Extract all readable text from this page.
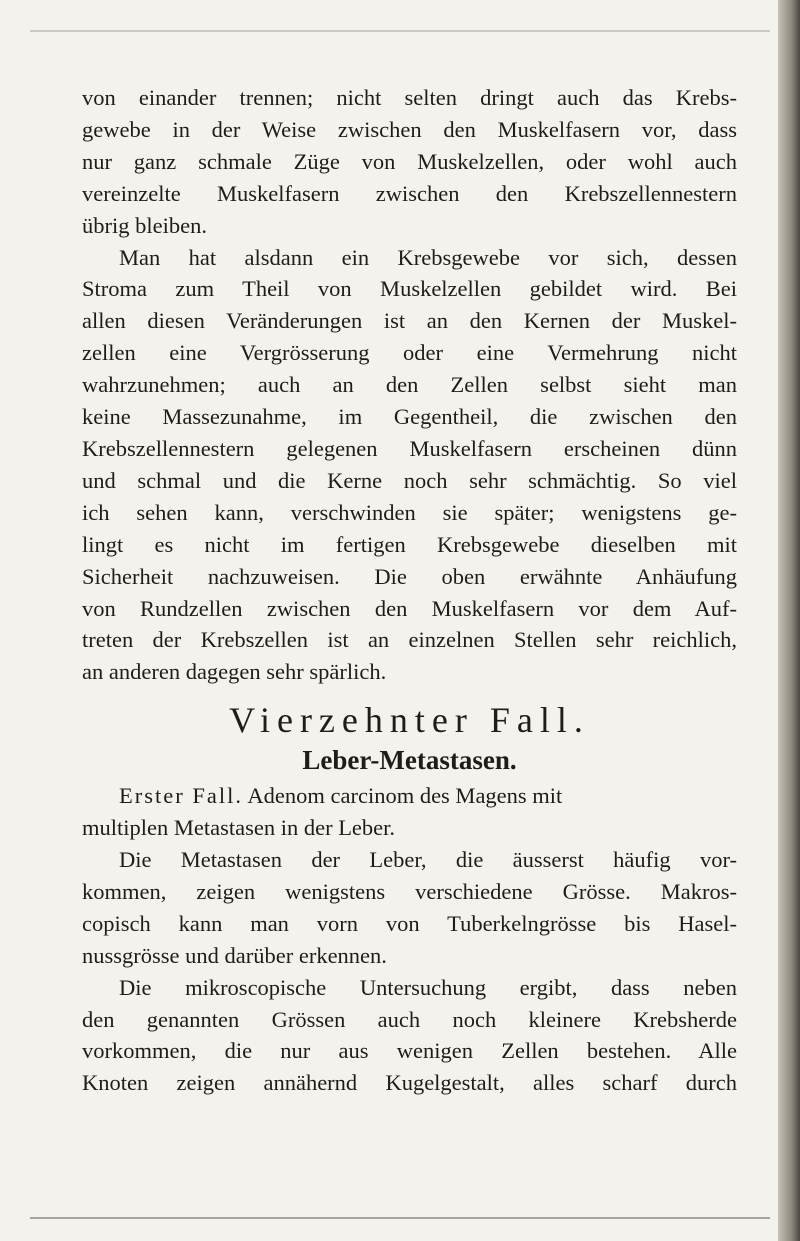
von einander trennen; nicht selten dringt auch das Krebs-
gewebe in der Weise zwischen den Muskelfasern vor, dass
nur ganz schmale Züge von Muskelzellen, oder wohl auch
vereinzelte Muskelfasern zwischen den Krebszellennestern
übrig bleiben.
Man hat alsdann ein Krebsgewebe vor sich, dessen
Stroma zum Theil von Muskelzellen gebildet wird. Bei
allen diesen Veränderungen ist an den Kernen der Muskel-
zellen eine Vergrösserung oder eine Vermehrung nicht
wahrzunehmen; auch an den Zellen selbst sieht man
keine Massezunahme, im Gegentheil, die zwischen den
Krebszellennestern gelegenen Muskelfasern erscheinen dünn
und schmal und die Kerne noch sehr schmächtig. So viel
ich sehen kann, verschwinden sie später; wenigstens ge-
lingt es nicht im fertigen Krebsgewebe dieselben mit
Sicherheit nachzuweisen. Die oben erwähnte Anhäufung
von Rundzellen zwischen den Muskelfasern vor dem Auf-
treten der Krebszellen ist an einzelnen Stellen sehr reichlich,
an anderen dagegen sehr spärlich.
Vierzehnter Fall.
Leber-Metastasen.
Erster Fall. Adenom carcinom des Magens mit
multiplen Metastasen in der Leber.
Die Metastasen der Leber, die äusserst häufig vor-
kommen, zeigen wenigstens verschiedene Grösse. Makros-
copisch kann man vorn von Tuberkelngrösse bis Hasel-
nussgrösse und darüber erkennen.
Die mikroscopische Untersuchung ergibt, dass neben
den genannten Grössen auch noch kleinere Krebsherde
vorkommen, die nur aus wenigen Zellen bestehen. Alle
Knoten zeigen annähernd Kugelgestalt, alles scharf durch
